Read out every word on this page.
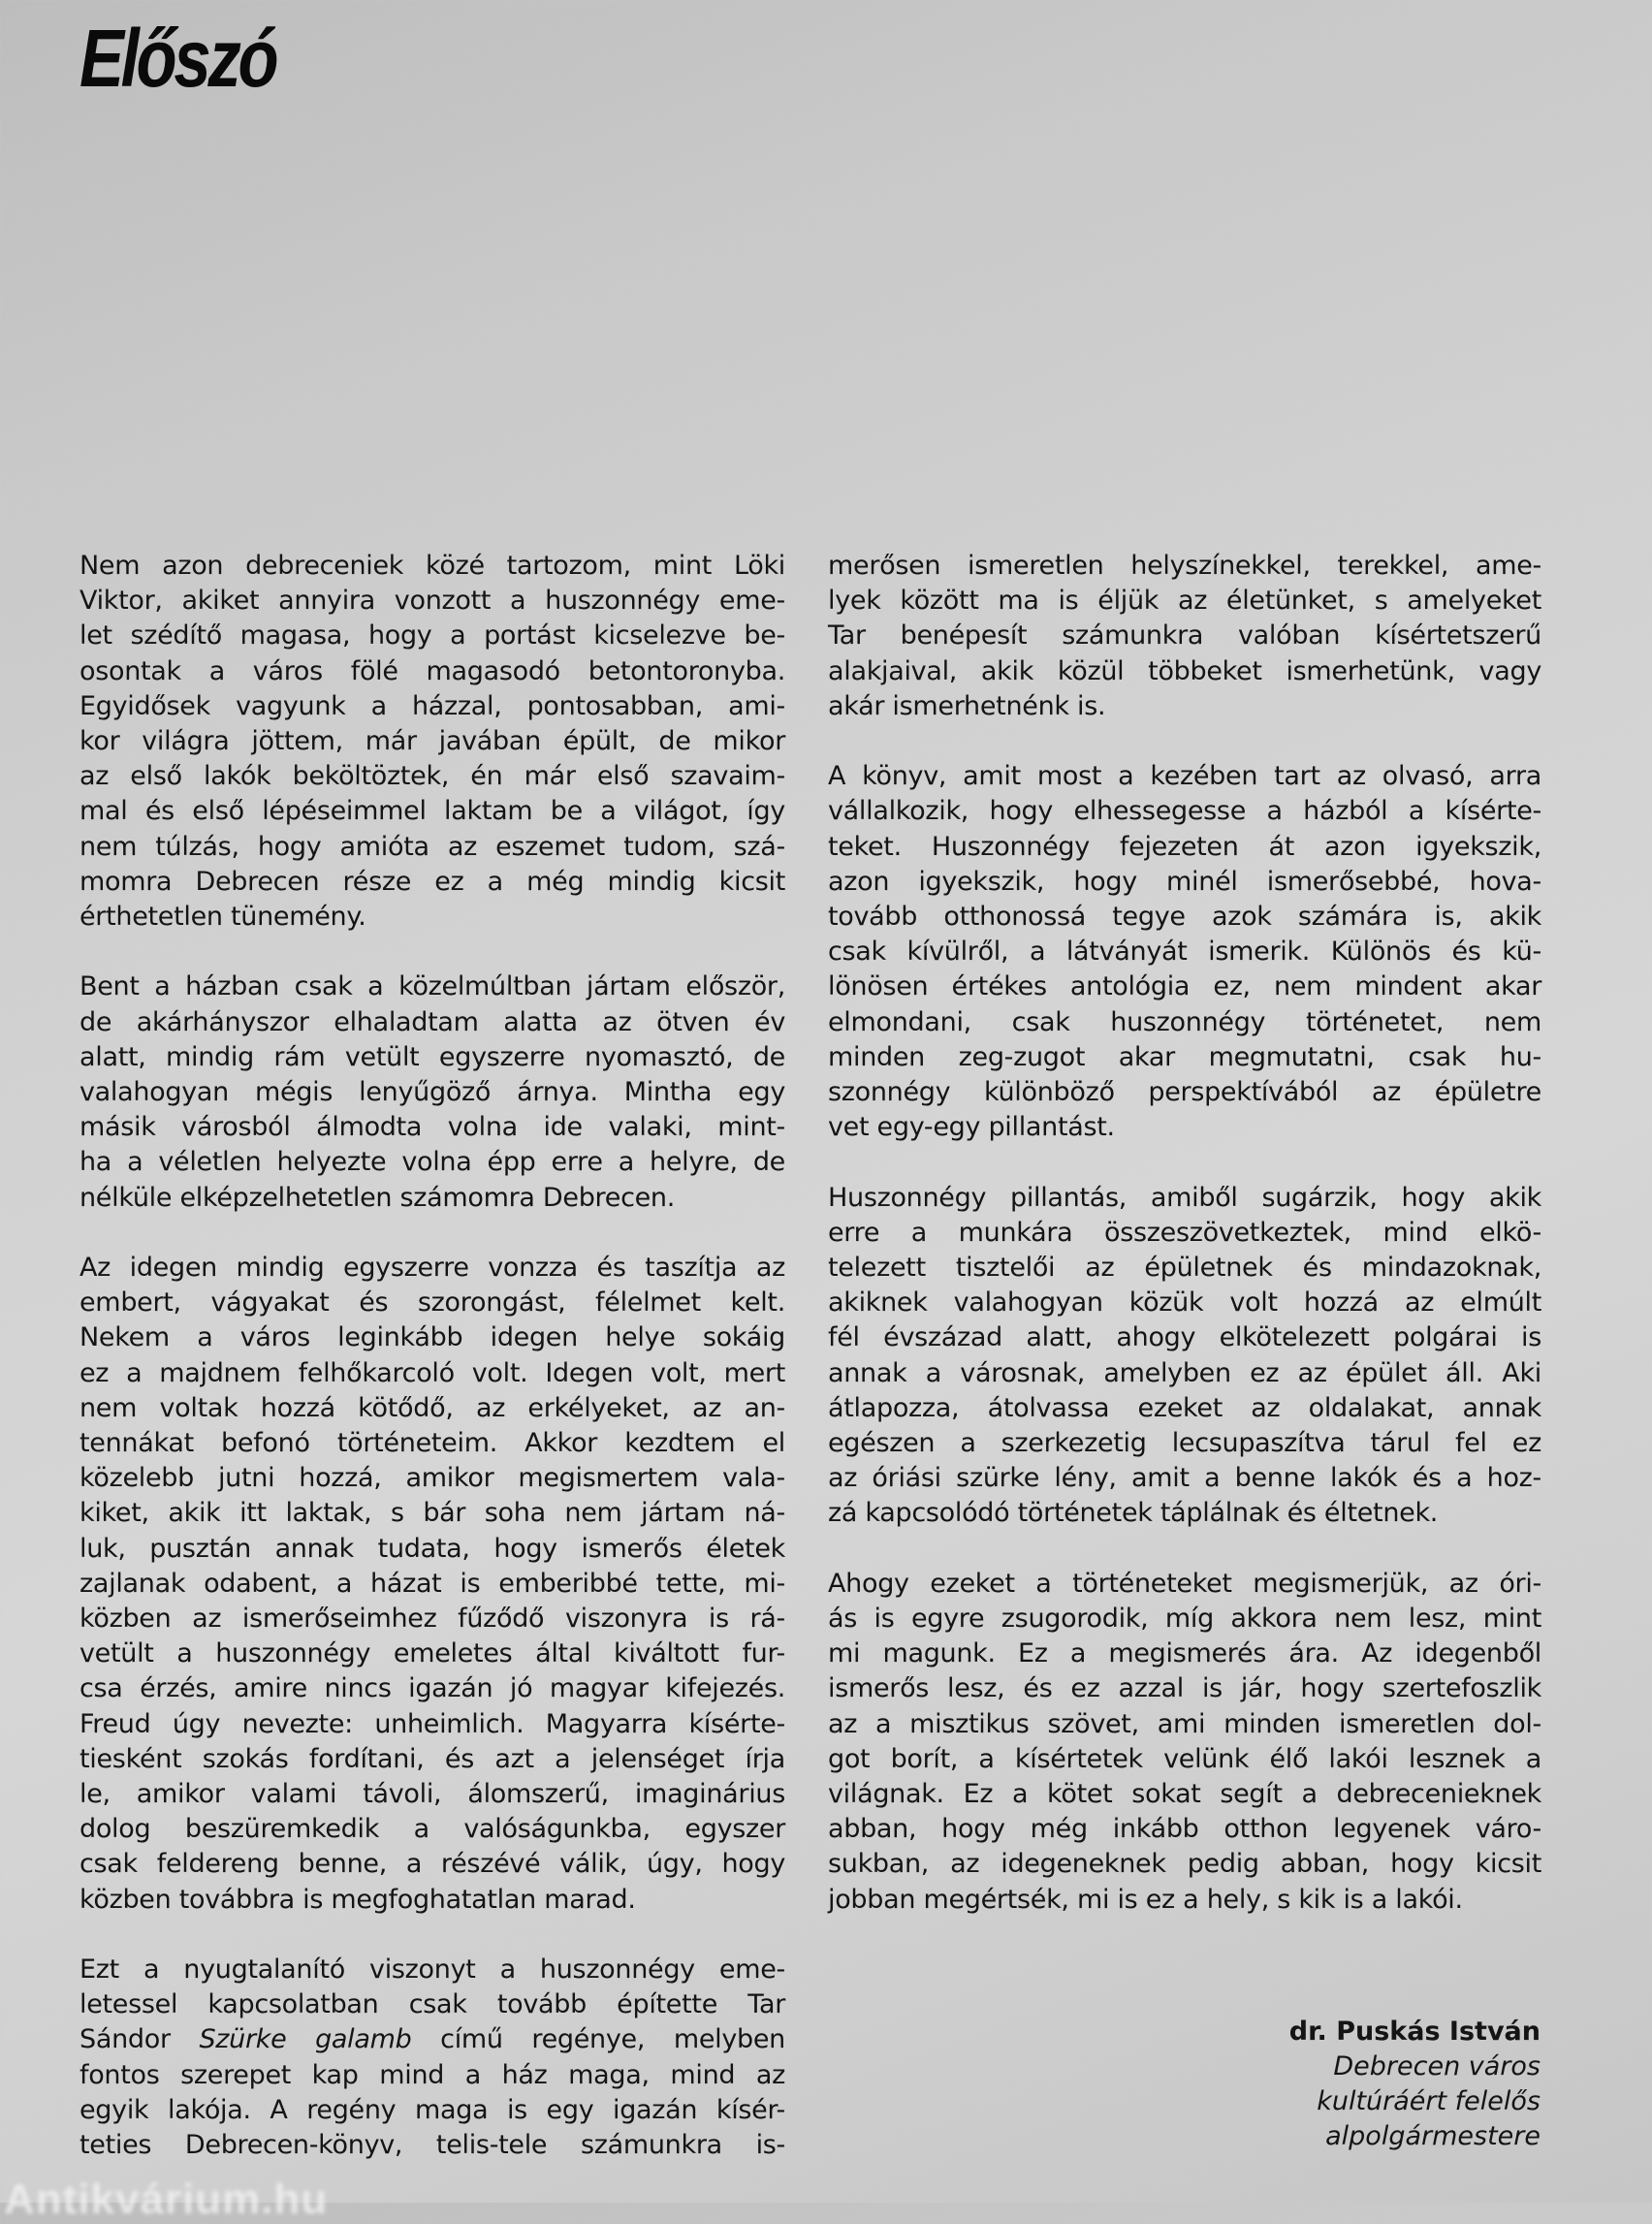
Előszó

Nem azon debreceniek közé tartozom, mint Löki
Viktor, akiket annyira vonzott a huszonnégy eme-
let szédítő magasa, hogy a portást kicselezve be-
osontak a város fölé magasodó betontoronyba.
Egyidősek vagyunk a házzal, pontosabban, ami-
kor világra jöttem, már javában épült, de mikor
az első lakók beköltöztek, én már első szavaim-
mal és első lépéseimmel laktam be a világot, így
nem túlzás, hogy amióta az eszemet tudom, szá-
momra Debrecen része ez a még mindig kicsit
érthetetlen tünemény.

Bent a házban csak a közelmúltban jártam először,
de akárhányszor elhaladtam alatta az ötven év
alatt, mindig rám vetült egyszerre nyomasztó, de
valahogyan mégis lenyűgöző árnya. Mintha egy
másik városból álmodta volna ide valaki, mint-
ha a véletlen helyezte volna épp erre a helyre, de
nélküle elképzelhetetlen számomra Debrecen.

Az idegen mindig egyszerre vonzza és taszítja az
embert, vágyakat és szorongást, félelmet kelt.
Nekem a város leginkább idegen helye sokáig
ez a majdnem felhőkarcoló volt. Idegen volt, mert
nem voltak hozzá kötődő, az erkélyeket, az an-
tennákat befonó történeteim. Akkor kezdtem el
közelebb jutni hozzá, amikor megismertem vala-
kiket, akik itt laktak, s bár soha nem jártam ná-
luk, pusztán annak tudata, hogy ismerős életek
zajlanak odabent, a házat is emberibbé tette, mi-
közben az ismerőseimhez fűződő viszonyra is rá-
vetült a huszonnégy emeletes által kiváltott fur-
csa érzés, amire nincs igazán jó magyar kifejezés.
Freud úgy nevezte: unheimlich. Magyarra kísérte-
tiesként szokás fordítani, és azt a jelenséget írja
le, amikor valami távoli, álomszerű, imaginárius
dolog beszüremkedik a valóságunkba, egyszer
csak feldereng benne, a részévé válik, úgy, hogy
közben továbbra is megfoghatatlan marad.

Ezt a nyugtalanító viszonyt a huszonnégy eme-
letessel kapcsolatban csak tovább építette Tar
Sándor Szürke galamb című regénye, melyben
fontos szerepet kap mind a ház maga, mind az
egyik lakója. A regény maga is egy igazán kísér-
teties Debrecen-könyv, telis-tele számunkra is-

merősen ismeretlen helyszínekkel, terekkel, ame-
lyek között ma is éljük az életünket, s amelyeket
Tar benépesít számunkra valóban kísértetszerű
alakjaival, akik közül többeket ismerhetünk, vagy
akár ismerhetnénk is.

A könyv, amit most a kezében tart az olvasó, arra
vállalkozik, hogy elhessegesse a házból a kísérte-
teket. Huszonnégy fejezeten át azon igyekszik,
azon igyekszik, hogy minél ismerősebbé, hova-
tovább otthonossá tegye azok számára is, akik
csak kívülről, a látványát ismerik. Különös és kü-
lönösen értékes antológia ez, nem mindent akar
elmondani, csak huszonnégy történetet, nem
minden zeg-zugot akar megmutatni, csak hu-
szonnégy különböző perspektívából az épületre
vet egy-egy pillantást.

Huszonnégy pillantás, amiből sugárzik, hogy akik
erre a munkára összeszövetkeztek, mind elkö-
telezett tisztelői az épületnek és mindazoknak,
akiknek valahogyan közük volt hozzá az elmúlt
fél évszázad alatt, ahogy elkötelezett polgárai is
annak a városnak, amelyben ez az épület áll. Aki
átlapozza, átolvassa ezeket az oldalakat, annak
egészen a szerkezetig lecsupaszítva tárul fel ez
az óriási szürke lény, amit a benne lakók és a hoz-
zá kapcsolódó történetek táplálnak és éltetnek.

Ahogy ezeket a történeteket megismerjük, az óri-
ás is egyre zsugorodik, míg akkora nem lesz, mint
mi magunk. Ez a megismerés ára. Az idegenből
ismerős lesz, és ez azzal is jár, hogy szertefoszlik
az a misztikus szövet, ami minden ismeretlen dol-
got borít, a kísértetek velünk élő lakói lesznek a
világnak. Ez a kötet sokat segít a debrecenieknek
abban, hogy még inkább otthon legyenek váro-
sukban, az idegeneknek pedig abban, hogy kicsit
jobban megértsék, mi is ez a hely, s kik is a lakói.

dr. Puskás István
Debrecen város
kultúráért felelős
alpolgármestere
Antikvárium.hu
